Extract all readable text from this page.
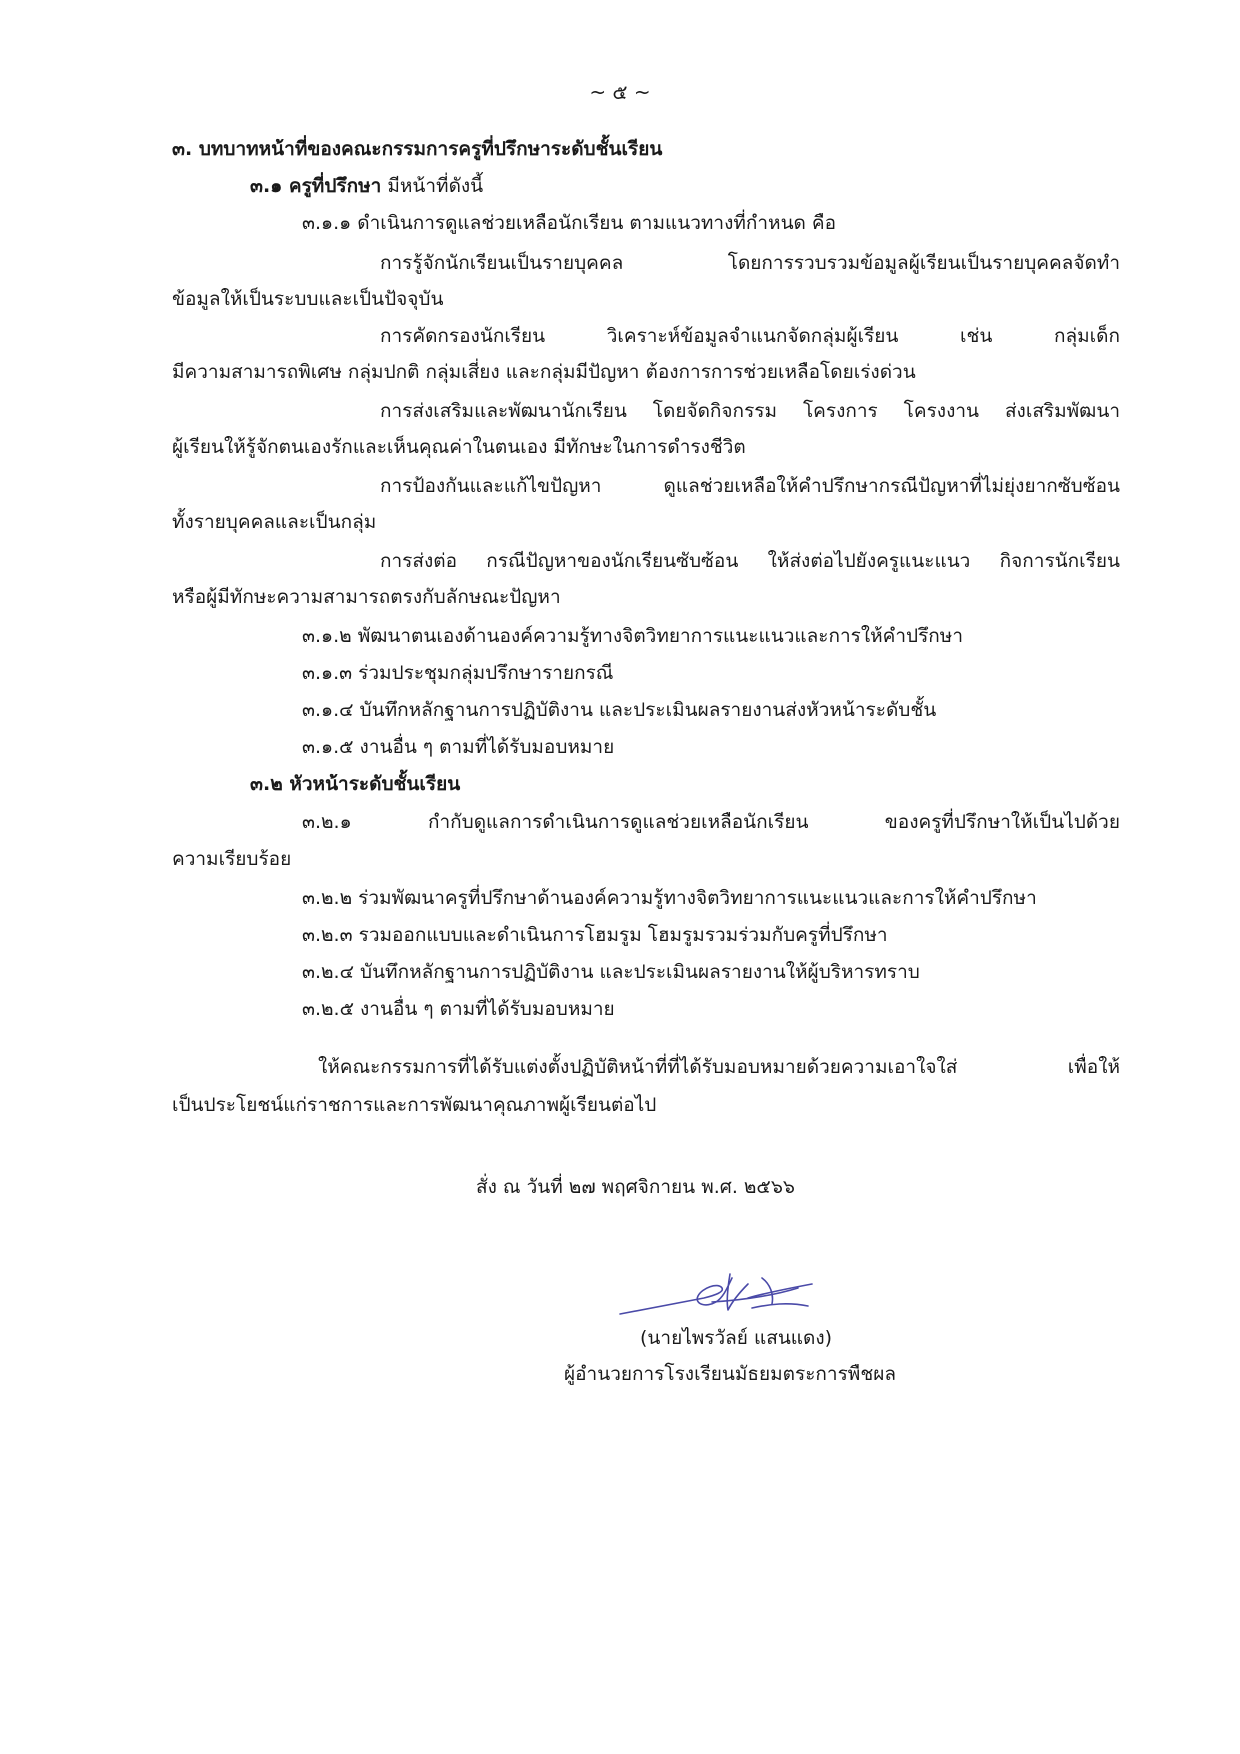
~ ๕ ~
๓. บทบาทหน้าที่ของคณะกรรมการครูที่ปรึกษาระดับชั้นเรียน
๓.๑ ครูที่ปรึกษา มีหน้าที่ดังนี้
๓.๑.๑ ดำเนินการดูแลช่วยเหลือนักเรียน ตามแนวทางที่กำหนด คือ
การรู้จักนักเรียนเป็นรายบุคคล โดยการรวบรวมข้อมูลผู้เรียนเป็นรายบุคคลจัดทำ
ข้อมูลให้เป็นระบบและเป็นปัจจุบัน
การคัดกรองนักเรียน วิเคราะห์ข้อมูลจำแนกจัดกลุ่มผู้เรียน เช่น กลุ่มเด็ก
มีความสามารถพิเศษ กลุ่มปกติ กลุ่มเสี่ยง และกลุ่มมีปัญหา ต้องการการช่วยเหลือโดยเร่งด่วน
การส่งเสริมและพัฒนานักเรียน โดยจัดกิจกรรม โครงการ โครงงาน ส่งเสริมพัฒนา
ผู้เรียนให้รู้จักตนเองรักและเห็นคุณค่าในตนเอง มีทักษะในการดำรงชีวิต
การป้องกันและแก้ไขปัญหา ดูแลช่วยเหลือให้คำปรึกษากรณีปัญหาที่ไม่ยุ่งยากซับซ้อน
ทั้งรายบุคคลและเป็นกลุ่ม
การส่งต่อ กรณีปัญหาของนักเรียนซับซ้อน ให้ส่งต่อไปยังครูแนะแนว กิจการนักเรียน
หรือผู้มีทักษะความสามารถตรงกับลักษณะปัญหา
๓.๑.๒ พัฒนาตนเองด้านองค์ความรู้ทางจิตวิทยาการแนะแนวและการให้คำปรึกษา
๓.๑.๓ ร่วมประชุมกลุ่มปรึกษารายกรณี
๓.๑.๔ บันทึกหลักฐานการปฏิบัติงาน และประเมินผลรายงานส่งหัวหน้าระดับชั้น
๓.๑.๕ งานอื่น ๆ ตามที่ได้รับมอบหมาย
๓.๒ หัวหน้าระดับชั้นเรียน
๓.๒.๑ กำกับดูแลการดำเนินการดูแลช่วยเหลือนักเรียน ของครูที่ปรึกษาให้เป็นไปด้วย
ความเรียบร้อย
๓.๒.๒ ร่วมพัฒนาครูที่ปรึกษาด้านองค์ความรู้ทางจิตวิทยาการแนะแนวและการให้คำปรึกษา
๓.๒.๓ รวมออกแบบและดำเนินการโฮมรูม โฮมรูมรวมร่วมกับครูที่ปรึกษา
๓.๒.๔ บันทึกหลักฐานการปฏิบัติงาน และประเมินผลรายงานให้ผู้บริหารทราบ
๓.๒.๕ งานอื่น ๆ ตามที่ได้รับมอบหมาย
ให้คณะกรรมการที่ได้รับแต่งตั้งปฏิบัติหน้าที่ที่ได้รับมอบหมายด้วยความเอาใจใส่ เพื่อให้
เป็นประโยชน์แก่ราชการและการพัฒนาคุณภาพผู้เรียนต่อไป
สั่ง ณ วันที่ ๒๗ พฤศจิกายน พ.ศ. ๒๕๖๖
(นายไพรวัลย์ แสนแดง)
ผู้อำนวยการโรงเรียนมัธยมตระการพืชผล
